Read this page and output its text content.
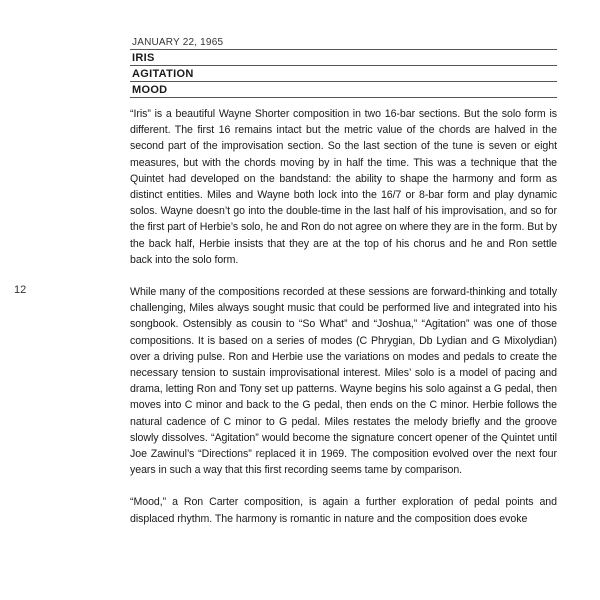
JANUARY 22, 1965
IRIS
AGITATION
MOOD
12

“Iris” is a beautiful Wayne Shorter composition in two 16-bar sections. But the solo form is different. The first 16 remains intact but the metric value of the chords are halved in the second part of the improvisation section. So the last section of the tune is seven or eight measures, but with the chords moving by in half the time. This was a technique that the Quintet had developed on the bandstand: the ability to shape the harmony and form as distinct entities. Miles and Wayne both lock into the 16/7 or 8-bar form and play dynamic solos. Wayne doesn’t go into the double-time in the last half of his improvisation, and so for the first part of Herbie’s solo, he and Ron do not agree on where they are in the form. But by the back half, Herbie insists that they are at the top of his chorus and he and Ron settle back into the solo form.

While many of the compositions recorded at these sessions are forward-thinking and totally challenging, Miles always sought music that could be performed live and integrated into his songbook. Ostensibly as cousin to “So What” and “Joshua,” “Agitation” was one of those compositions. It is based on a series of modes (C Phrygian, Db Lydian and G Mixolydian) over a driving pulse. Ron and Herbie use the variations on modes and pedals to create the necessary tension to sustain improvisational interest. Miles’ solo is a model of pacing and drama, letting Ron and Tony set up patterns. Wayne begins his solo against a G pedal, then moves into C minor and back to the G pedal, then ends on the C minor. Herbie follows the natural cadence of C minor to G pedal. Miles restates the melody briefly and the groove slowly dissolves. “Agitation” would become the signature concert opener of the Quintet until Joe Zawinul’s “Directions” replaced it in 1969. The composition evolved over the next four years in such a way that this first recording seems tame by comparison.

“Mood,” a Ron Carter composition, is again a further exploration of pedal points and displaced rhythm. The harmony is romantic in nature and the composition does evoke
